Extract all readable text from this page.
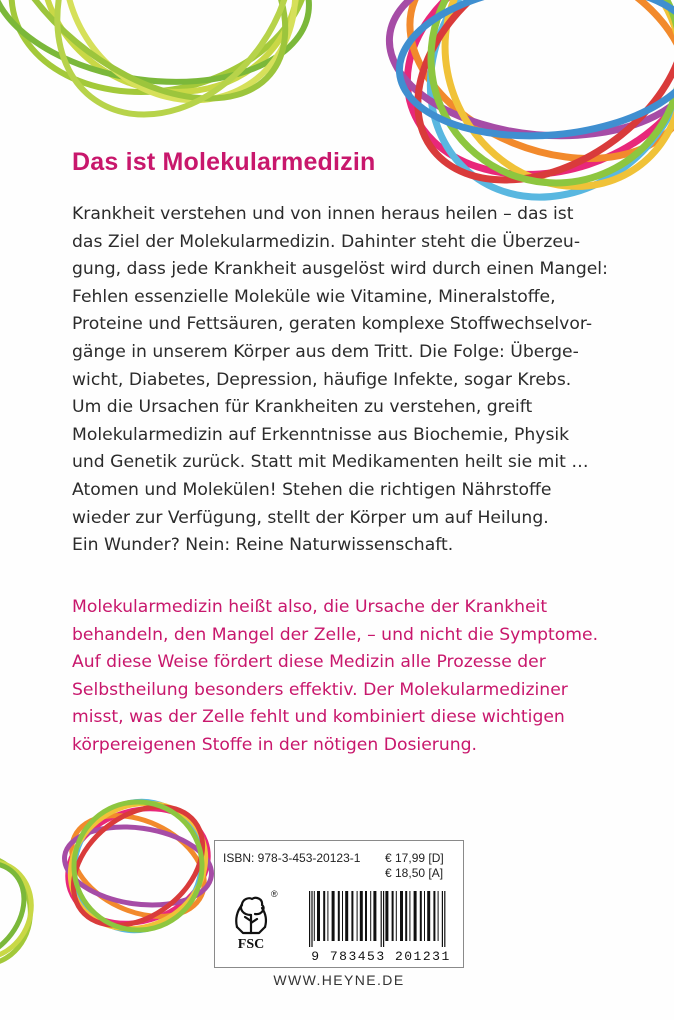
Das ist Molekularmedizin

Krankheit verstehen und von innen heraus heilen – das ist
das Ziel der Molekularmedizin. Dahinter steht die Überzeu-
gung, dass jede Krankheit ausgelöst wird durch einen Mangel:
Fehlen essenzielle Moleküle wie Vitamine, Mineralstoffe,
Proteine und Fettsäuren, geraten komplexe Stoffwechselvor-
gänge in unserem Körper aus dem Tritt. Die Folge: Überge-
wicht, Diabetes, Depression, häufige Infekte, sogar Krebs.
Um die Ursachen für Krankheiten zu verstehen, greift
Molekularmedizin auf Erkenntnisse aus Biochemie, Physik
und Genetik zurück. Statt mit Medikamenten heilt sie mit …
Atomen und Molekülen! Stehen die richtigen Nährstoffe
wieder zur Verfügung, stellt der Körper um auf Heilung.
Ein Wunder? Nein: Reine Naturwissenschaft.

Molekularmedizin heißt also, die Ursache der Krankheit
behandeln, den Mangel der Zelle, – und nicht die Symptome.
Auf diese Weise fördert diese Medizin alle Prozesse der
Selbstheilung besonders effektiv. Der Molekularmediziner
misst, was der Zelle fehlt und kombiniert diese wichtigen
körpereigenen Stoffe in der nötigen Dosierung.

ISBN: 978-3-453-20123-1 € 17,99 [D]
€ 18,50 [A]
®
FSC
9 783453 201231
WWW.HEYNE.DE
